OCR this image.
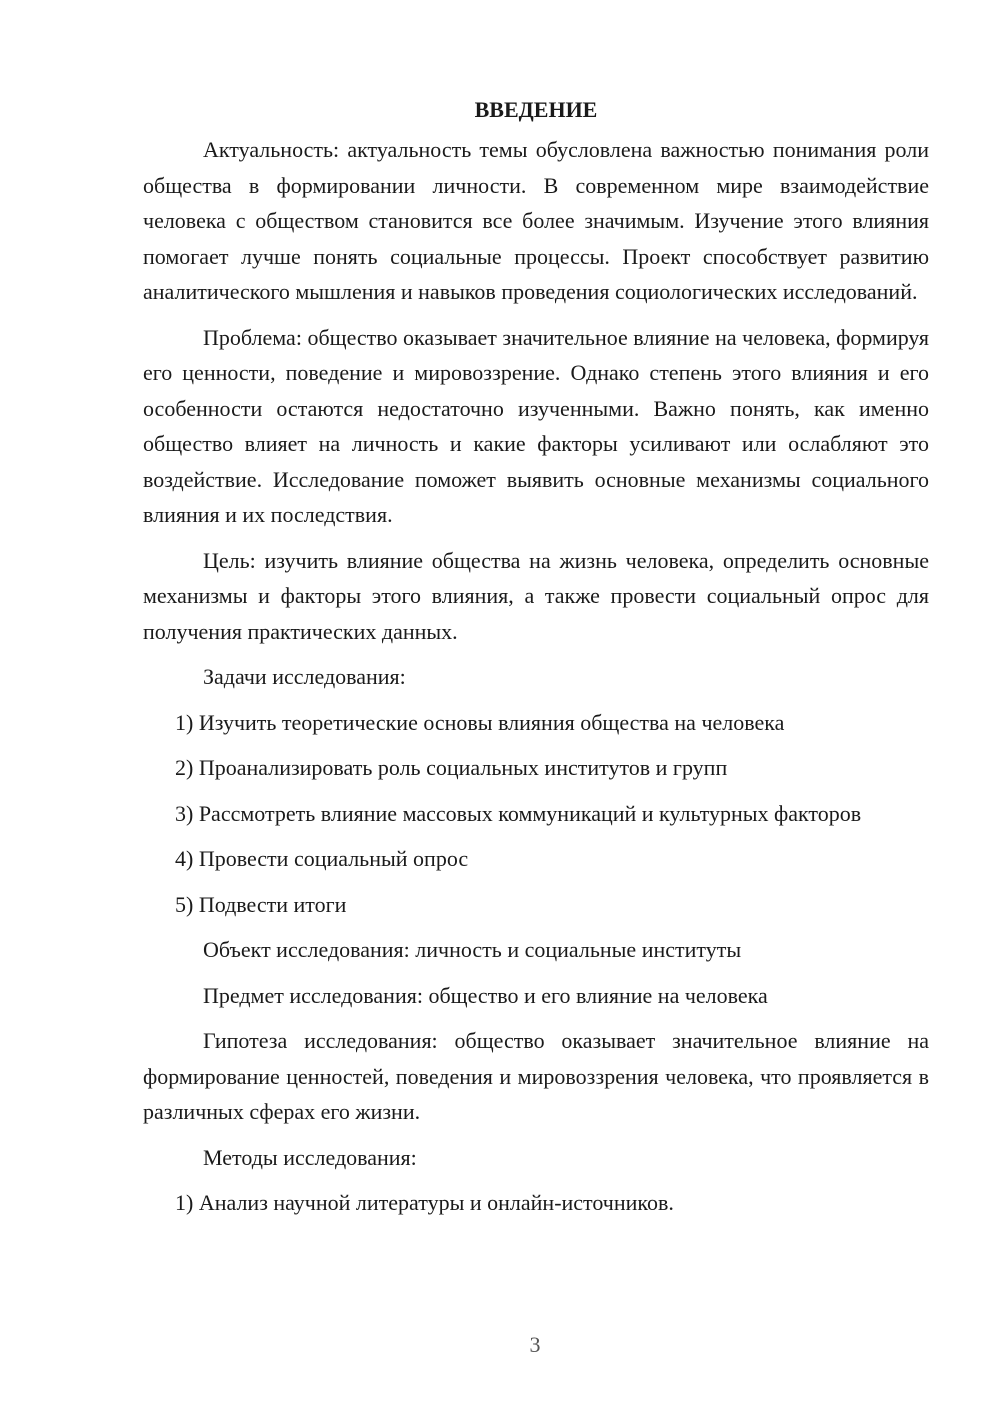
ВВЕДЕНИЕ

Актуальность: актуальность темы обусловлена важностью понимания роли общества в формировании личности. В современном мире взаимодействие человека с обществом становится все более значимым. Изучение этого влияния помогает лучше понять социальные процессы. Проект способствует развитию аналитического мышления и навыков проведения социологических исследований.

Проблема: общество оказывает значительное влияние на человека, формируя его ценности, поведение и мировоззрение. Однако степень этого влияния и его особенности остаются недостаточно изученными. Важно понять, как именно общество влияет на личность и какие факторы усиливают или ослабляют это воздействие. Исследование поможет выявить основные механизмы социального влияния и их последствия.

Цель: изучить влияние общества на жизнь человека, определить основные механизмы и факторы этого влияния, а также провести социальный опрос для получения практических данных.

Задачи исследования:

1) Изучить теоретические основы влияния общества на человека
2) Проанализировать роль социальных институтов и групп
3) Рассмотреть влияние массовых коммуникаций и культурных факторов
4) Провести социальный опрос
5) Подвести итоги

Объект исследования: личность и социальные институты

Предмет исследования: общество и его влияние на человека

Гипотеза исследования: общество оказывает значительное влияние на формирование ценностей, поведения и мировоззрения человека, что проявляется в различных сферах его жизни.

Методы исследования:

1) Анализ научной литературы и онлайн-источников.
3
